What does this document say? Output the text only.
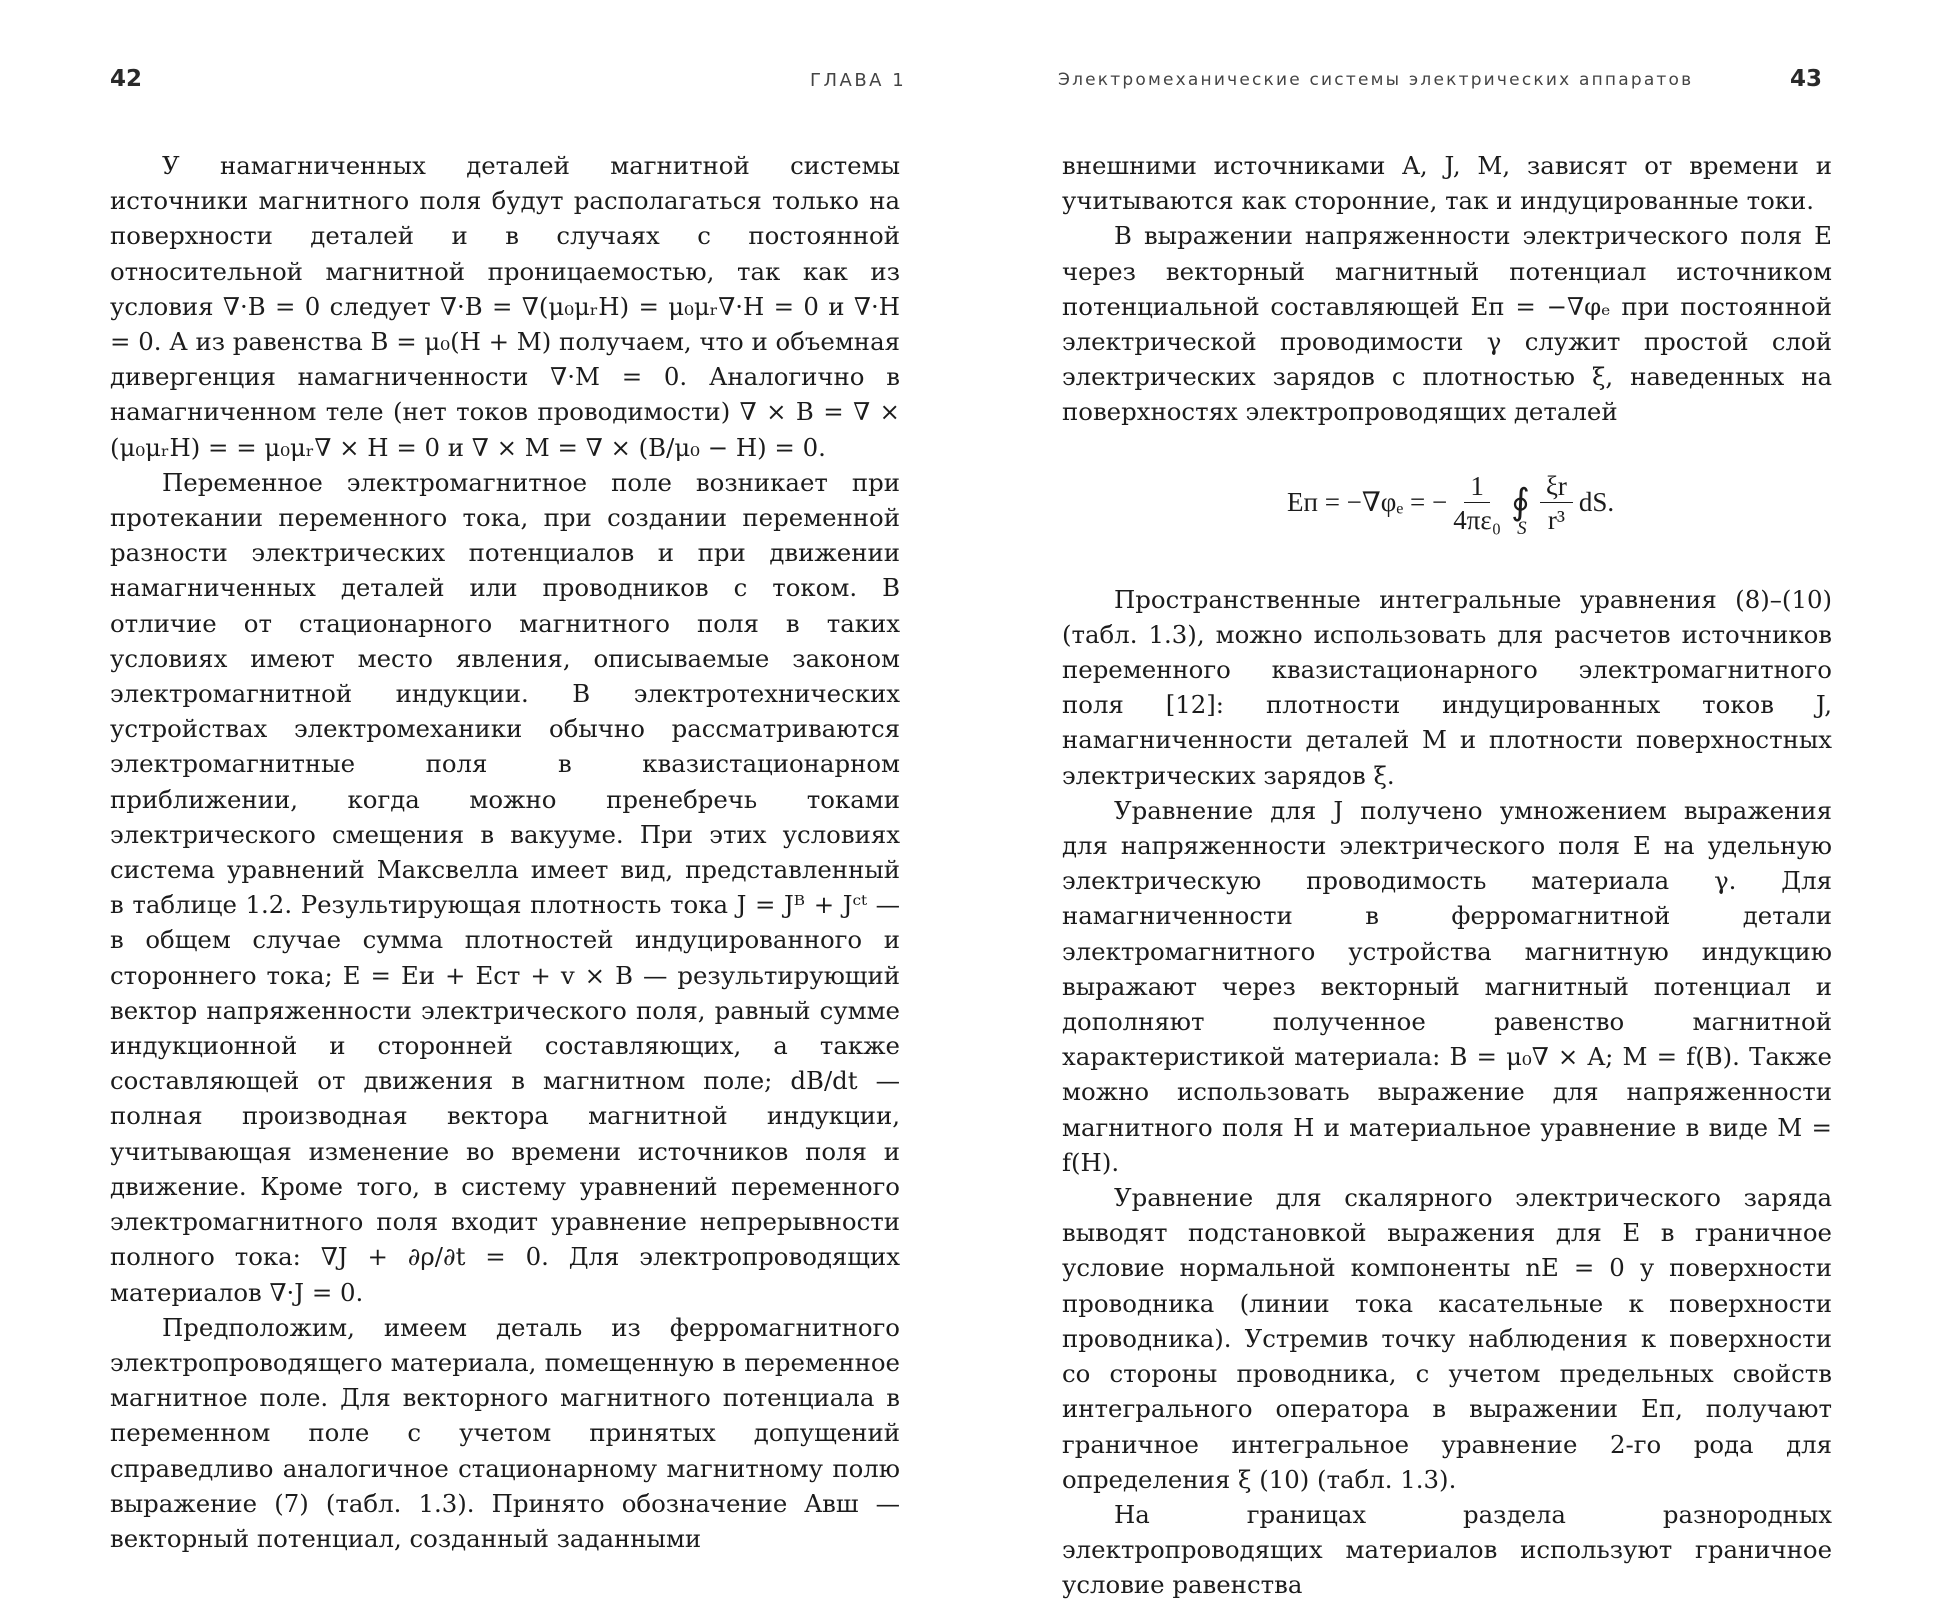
42	ГЛАВА 1

У намагниченных деталей магнитной системы источники магнитного поля будут располагаться только на поверхности деталей и в случаях с постоянной относительной магнитной проницаемостью, так как из условия ∇·B = 0 следует ∇·B = ∇(μ₀μᵣH) = μ₀μᵣ∇·H = 0 и ∇·H = 0. А из равенства B = μ₀(H + M) получаем, что и объемная дивергенция намагниченности ∇·M = 0. Аналогично в намагниченном теле (нет токов проводимости) ∇ × B = ∇ × (μ₀μᵣH) = = μ₀μᵣ∇ × H = 0 и ∇ × M = ∇ × (B/μ₀ − H) = 0.

Переменное электромагнитное поле возникает при протекании переменного тока, при создании переменной разности электрических потенциалов и при движении намагниченных деталей или проводников с током. В отличие от стационарного магнитного поля в таких условиях имеют место явления, описываемые законом электромагнитной индукции. В электротехнических устройствах электромеханики обычно рассматриваются электромагнитные поля в квазистационарном приближении, когда можно пренебречь токами электрического смещения в вакууме. При этих условиях система уравнений Максвелла имеет вид, представленный в таблице 1.2. Результирующая плотность тока J = Jᴮ + Jᶜᵗ — в общем случае сумма плотностей индуцированного и стороннего тока; E = Eи + Eст + v × B — результирующий вектор напряженности электрического поля, равный сумме индукционной и сторонней составляющих, а также составляющей от движения в магнитном поле; dB/dt — полная производная вектора магнитной индукции, учитывающая изменение во времени источников поля и движение. Кроме того, в систему уравнений переменного электромагнитного поля входит уравнение непрерывности полного тока: ∇J + ∂ρ/∂t = 0. Для электропроводящих материалов ∇·J = 0.

Предположим, имеем деталь из ферромагнитного электропроводящего материала, помещенную в переменное магнитное поле. Для векторного магнитного потенциала в переменном поле с учетом принятых допущений справедливо аналогичное стационарному магнитному полю выражение (7) (табл. 1.3). Принято обозначение Aвш — векторный потенциал, созданный заданными

Электромеханические системы электрических аппаратов	43

внешними источниками A, J, M, зависят от времени и учитываются как сторонние, так и индуцированные токи.

В выражении напряженности электрического поля E через векторный магнитный потенциал источником потенциальной составляющей Eп = −∇φₑ при постоянной электрической проводимости γ служит простой слой электрических зарядов с плотностью ξ, наведенных на поверхностях электропроводящих деталей

Eп = −∇φₑ = − $\frac{1}{\text{4πε₀}}$ ∮
S $\frac{\xi r}{\text{r³}}$ dS.

Пространственные интегральные уравнения (8)–(10) (табл. 1.3), можно использовать для расчетов источников переменного квазистационарного электромагнитного поля [12]: плотности индуцированных токов J, намагниченности деталей M и плотности поверхностных электрических зарядов ξ.

Уравнение для J получено умножением выражения для напряженности электрического поля E на удельную электрическую проводимость материала γ. Для намагниченности в ферромагнитной детали электромагнитного устройства магнитную индукцию выражают через векторный магнитный потенциал и дополняют полученное равенство магнитной характеристикой материала: B = μ₀∇ × A; M = f(B). Также можно использовать выражение для напряженности магнитного поля H и материальное уравнение в виде M = f(H).

Уравнение для скалярного электрического заряда выводят подстановкой выражения для E в граничное условие нормальной компоненты nE = 0 у поверхности проводника (линии тока касательные к поверхности проводника). Устремив точку наблюдения к поверхности со стороны проводника, с учетом предельных свойств интегрального оператора в выражении Eп, получают граничное интегральное уравнение 2-го рода для определения ξ (10) (табл. 1.3).

На границах раздела разнородных электропроводящих материалов используют граничное условие равенства
